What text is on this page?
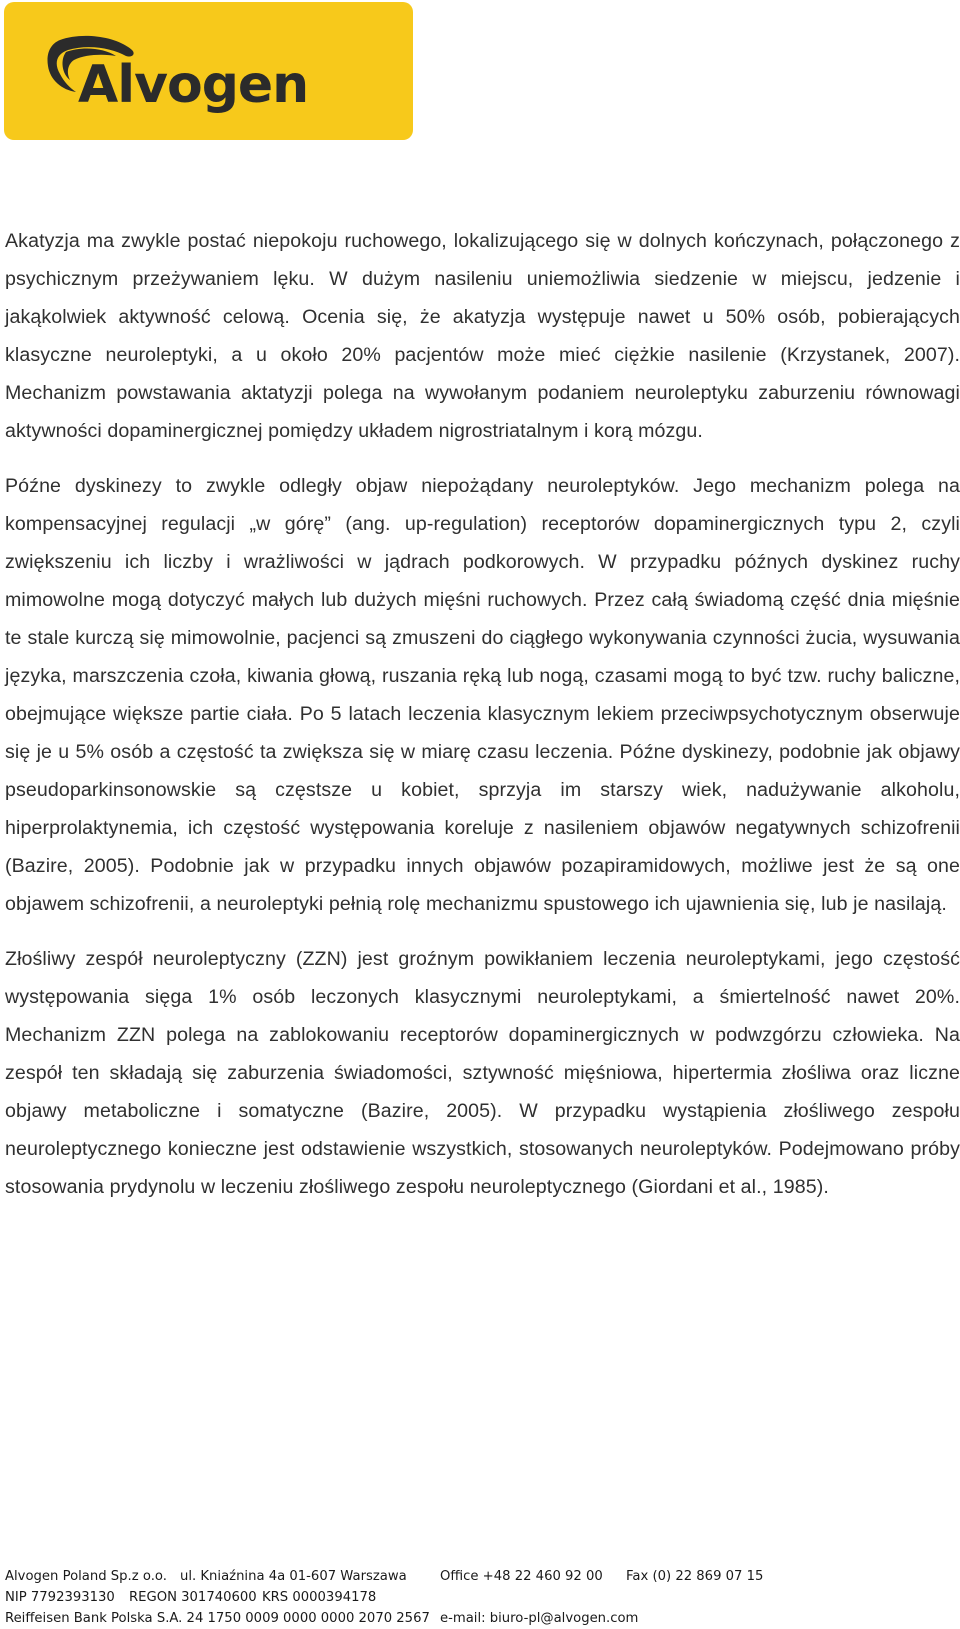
Alvogen

Akatyzja ma zwykle postać niepokoju ruchowego, lokalizującego się w dolnych kończynach, połączonego z psychicznym przeżywaniem lęku. W dużym nasileniu uniemożliwia siedzenie w miejscu, jedzenie i jakąkolwiek aktywność celową. Ocenia się, że akatyzja występuje nawet u 50% osób, pobierających klasyczne neuroleptyki, a u około 20% pacjentów może mieć ciężkie nasilenie (Krzystanek, 2007). Mechanizm powstawania aktatyzji polega na wywołanym podaniem neuroleptyku zaburzeniu równowagi aktywności dopaminergicznej pomiędzy układem nigrostriatalnym i korą mózgu.

Późne dyskinezy to zwykle odległy objaw niepożądany neuroleptyków. Jego mechanizm polega na kompensacyjnej regulacji „w górę” (ang. up-regulation) receptorów dopaminergicznych typu 2, czyli zwiększeniu ich liczby i wrażliwości w jądrach podkorowych. W przypadku późnych dyskinez ruchy mimowolne mogą dotyczyć małych lub dużych mięśni ruchowych. Przez całą świadomą część dnia mięśnie te stale kurczą się mimowolnie, pacjenci są zmuszeni do ciągłego wykonywania czynności żucia, wysuwania języka, marszczenia czoła, kiwania głową, ruszania ręką lub nogą, czasami mogą to być tzw. ruchy baliczne, obejmujące większe partie ciała. Po 5 latach leczenia klasycznym lekiem przeciwpsychotycznym obserwuje się je u 5% osób a częstość ta zwiększa się w miarę czasu leczenia. Późne dyskinezy, podobnie jak objawy pseudoparkinsonowskie są częstsze u kobiet, sprzyja im starszy wiek, nadużywanie alkoholu, hiperprolaktynemia, ich częstość występowania koreluje z nasileniem objawów negatywnych schizofrenii (Bazire, 2005). Podobnie jak w przypadku innych objawów pozapiramidowych, możliwe jest że są one objawem schizofrenii, a neuroleptyki pełnią rolę mechanizmu spustowego ich ujawnienia się, lub je nasilają.

Złośliwy zespół neuroleptyczny (ZZN) jest groźnym powikłaniem leczenia neuroleptykami, jego częstość występowania sięga 1% osób leczonych klasycznymi neuroleptykami, a śmiertelność nawet 20%. Mechanizm ZZN polega na zablokowaniu receptorów dopaminergicznych w podwzgórzu człowieka. Na zespół ten składają się zaburzenia świadomości, sztywność mięśniowa, hipertermia złośliwa oraz liczne objawy metaboliczne i somatyczne (Bazire, 2005). W przypadku wystąpienia złośliwego zespołu neuroleptycznego konieczne jest odstawienie wszystkich, stosowanych neuroleptyków. Podejmowano próby stosowania prydynolu w leczeniu złośliwego zespołu neuroleptycznego (Giordani et al., 1985).

Alvogen Poland Sp.z o.o. ul. Kniaźnina 4a 01-607 Warszawa	Office +48 22 460 92 00 Fax (0) 22 869 07 15
NIP 7792393130 REGON 301740600 KRS 0000394178
Reiffeisen Bank Polska S.A. 24 1750 0009 0000 0000 2070 2567 e-mail: biuro-pl@alvogen.com
